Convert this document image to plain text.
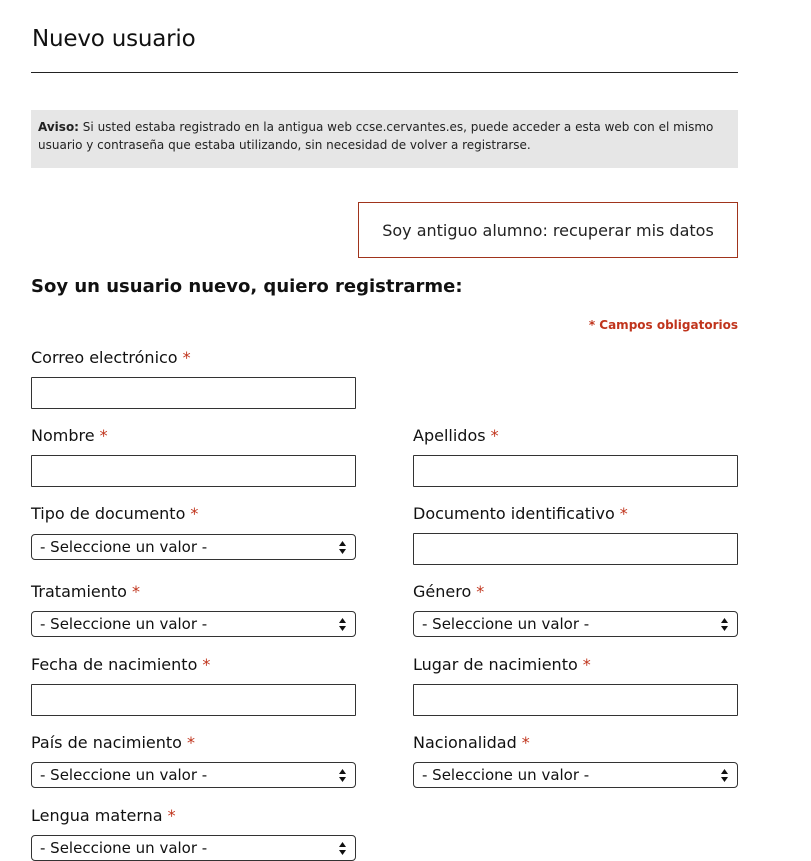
Nuevo usuario
Aviso: Si usted estaba registrado en la antigua web ccse.cervantes.es, puede acceder a esta web con el mismo usuario y contraseña que estaba utilizando, sin necesidad de volver a registrarse.
Soy antiguo alumno: recuperar mis datos
Soy un usuario nuevo, quiero registrarme:
* Campos obligatorios
Correo electrónico *
Nombre *	Apellidos *
Tipo de documento *
- Seleccione un valor -
Documento identificativo *
Tratamiento *
- Seleccione un valor -
Género *
- Seleccione un valor -
Fecha de nacimiento *	Lugar de nacimiento *
País de nacimiento *
- Seleccione un valor -
Nacionalidad *
- Seleccione un valor -
Lengua materna *
- Seleccione un valor -
